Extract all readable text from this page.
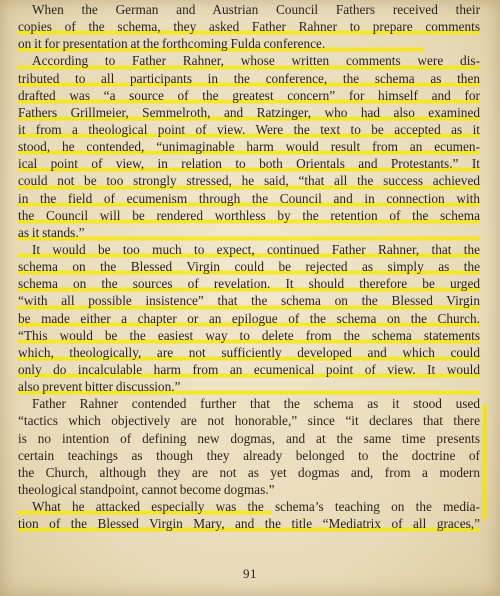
When the German and Austrian Council Fathers received their
copies of the schema, they asked Father Rahner to prepare comments
on it for presentation at the forthcoming Fulda conference.
According to Father Rahner, whose written comments were dis-
tributed to all participants in the conference, the schema as then
drafted was “a source of the greatest concern” for himself and for
Fathers Grillmeier, Semmelroth, and Ratzinger, who had also examined
it from a theological point of view. Were the text to be accepted as it
stood, he contended, “unimaginable harm would result from an ecumen-
ical point of view, in relation to both Orientals and Protestants.” It
could not be too strongly stressed, he said, “that all the success achieved
in the field of ecumenism through the Council and in connection with
the Council will be rendered worthless by the retention of the schema
as it stands.”
It would be too much to expect, continued Father Rahner, that the
schema on the Blessed Virgin could be rejected as simply as the
schema on the sources of revelation. It should therefore be urged
“with all possible insistence” that the schema on the Blessed Virgin
be made either a chapter or an epilogue of the schema on the Church.
“This would be the easiest way to delete from the schema statements
which, theologically, are not sufficiently developed and which could
only do incalculable harm from an ecumenical point of view. It would
also prevent bitter discussion.”
Father Rahner contended further that the schema as it stood used
“tactics which objectively are not honorable,” since “it declares that there
is no intention of defining new dogmas, and at the same time presents
certain teachings as though they already belonged to the doctrine of
the Church, although they are not as yet dogmas and, from a modern
theological standpoint, cannot become dogmas.”
What he attacked especially was the schema’s teaching on the media-
tion of the Blessed Virgin Mary, and the title “Mediatrix of all graces,”
91
